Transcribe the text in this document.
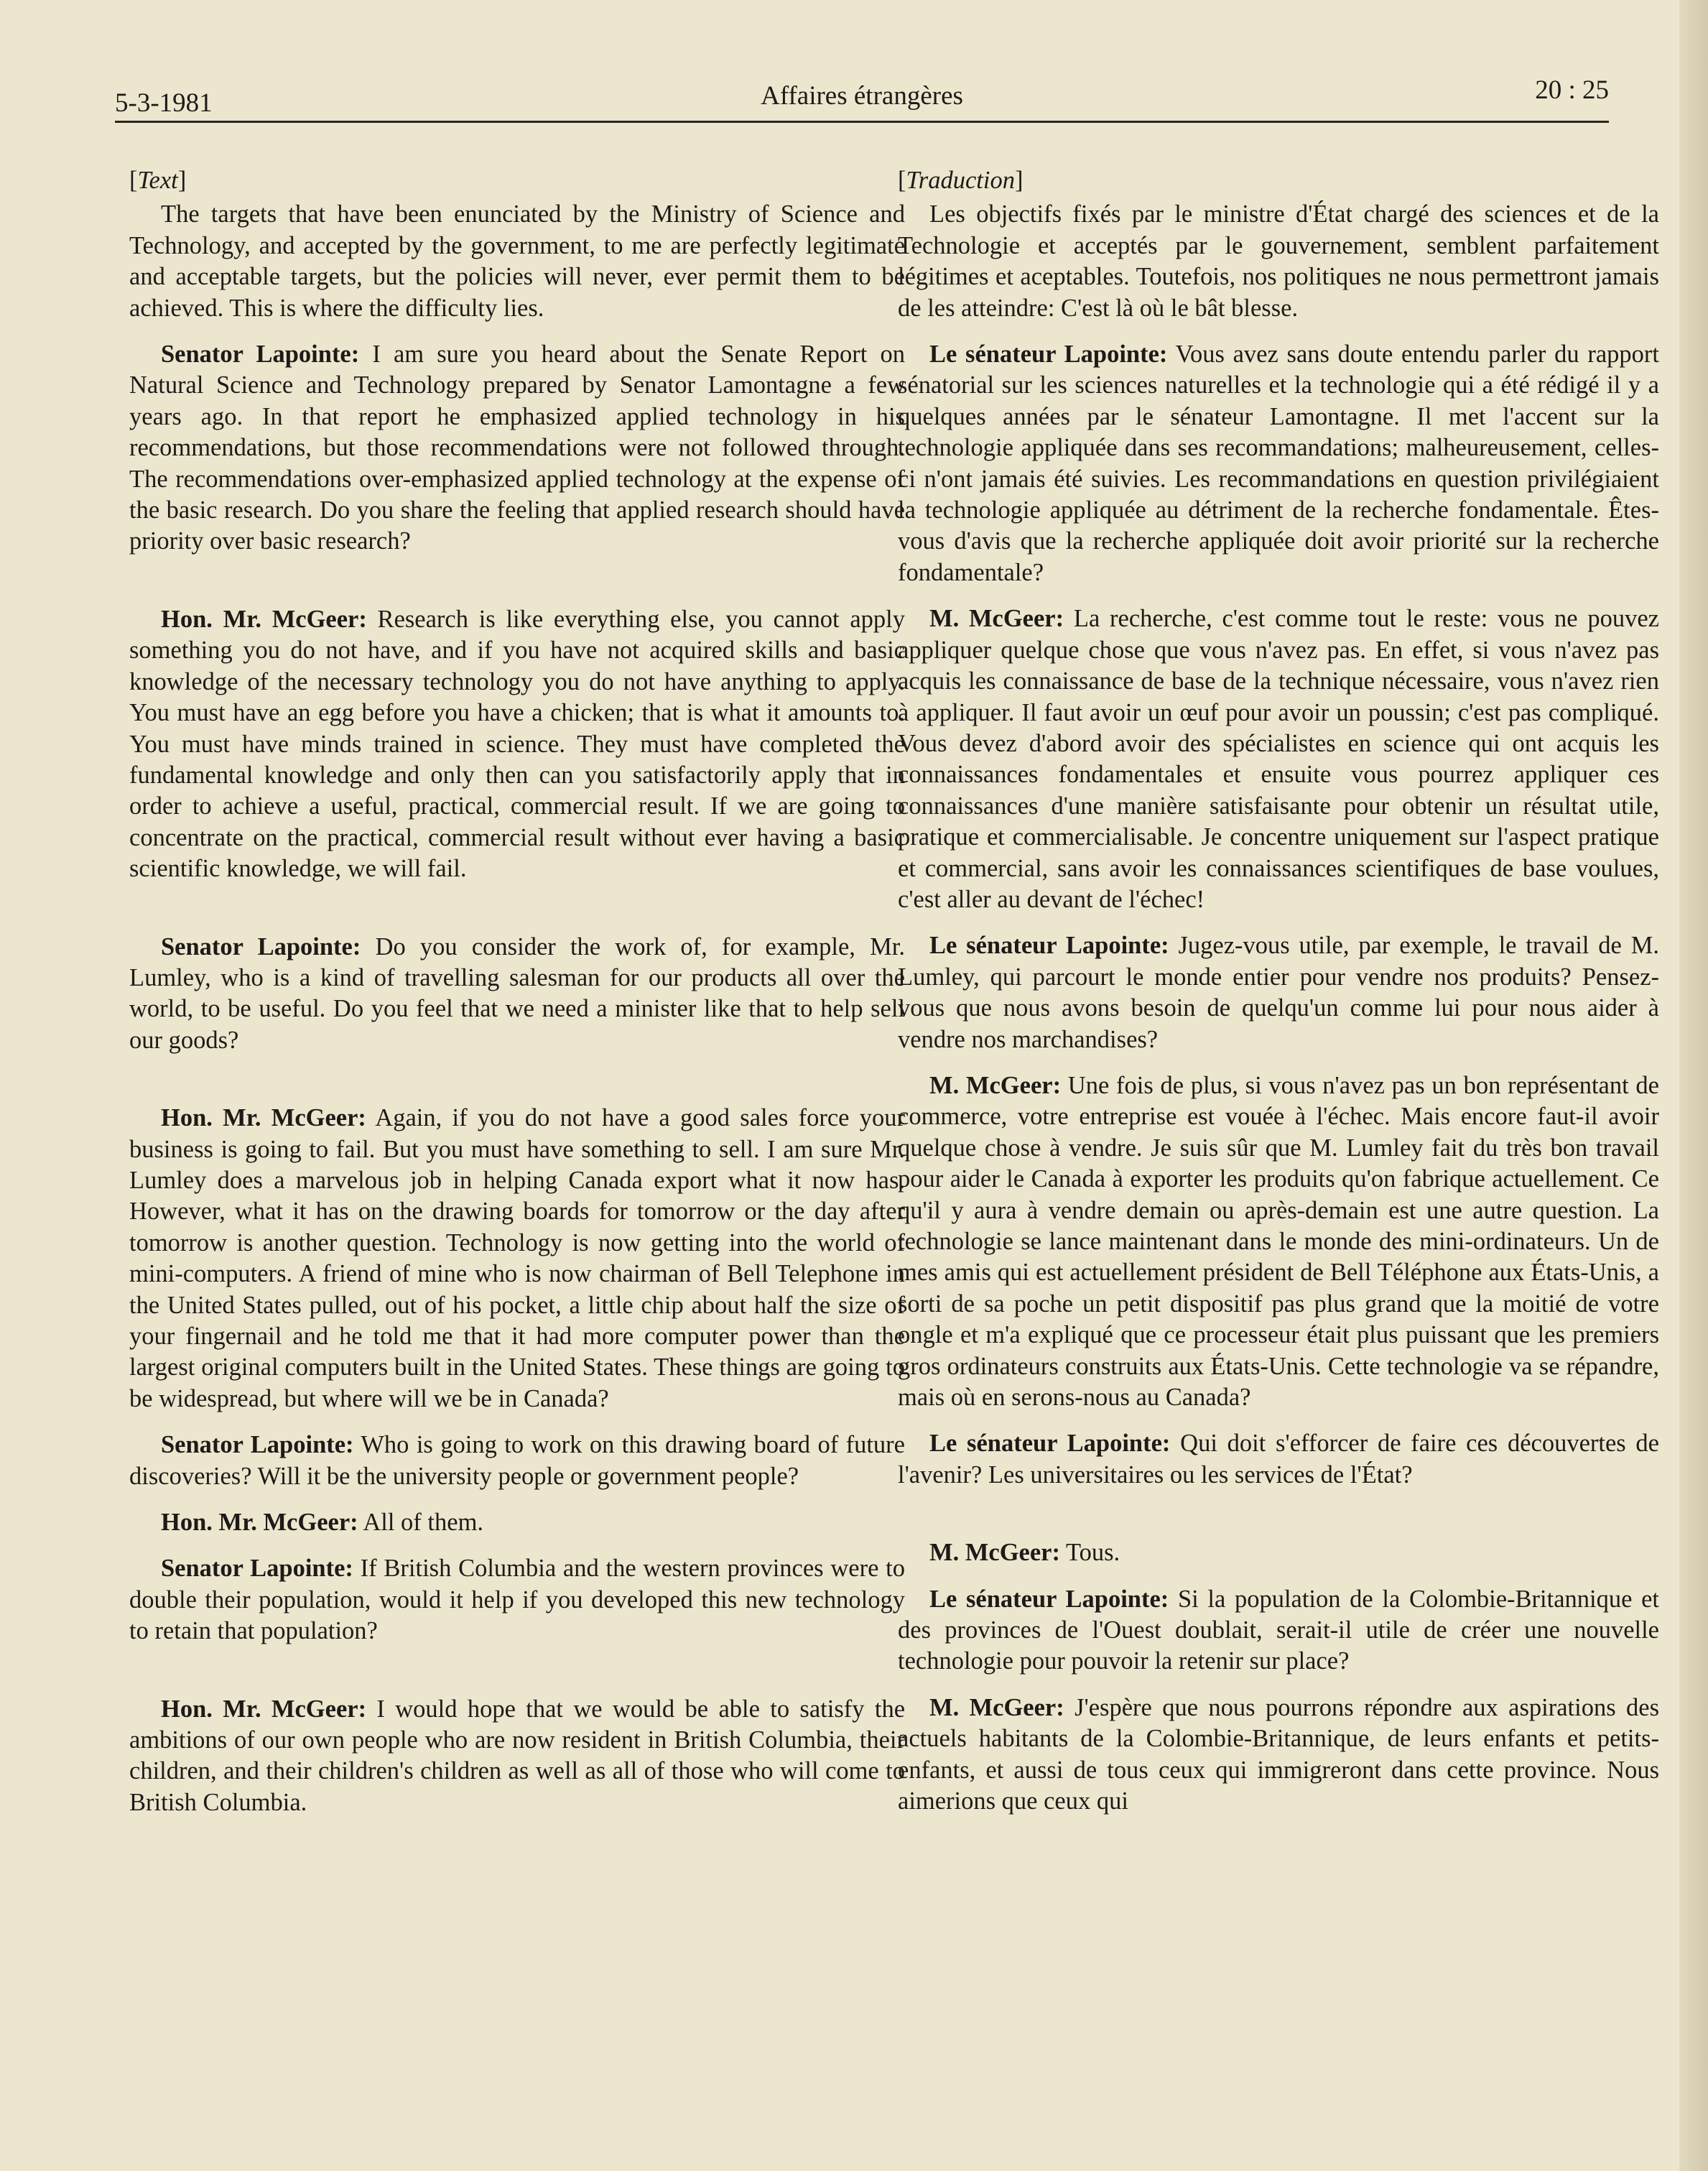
5-3-1981	Affaires étrangères	20 : 25

[Text]

The targets that have been enunciated by the Ministry of Science and Technology, and accepted by the government, to me are perfectly legitimate and acceptable targets, but the policies will never, ever permit them to be achieved. This is where the difficulty lies.

Senator Lapointe: I am sure you heard about the Senate Report on Natural Science and Technology prepared by Senator Lamontagne a few years ago. In that report he emphasized applied technology in his recommendations, but those recommendations were not followed through. The recommendations over-emphasized applied technology at the expense of the basic research. Do you share the feeling that applied research should have priority over basic research?

Hon. Mr. McGeer: Research is like everything else, you cannot apply something you do not have, and if you have not acquired skills and basic knowledge of the necessary technology you do not have anything to apply. You must have an egg before you have a chicken; that is what it amounts to. You must have minds trained in science. They must have completed the fundamental knowledge and only then can you satisfactorily apply that in order to achieve a useful, practical, commercial result. If we are going to concentrate on the practical, commercial result without ever having a basic scientific knowledge, we will fail.

Senator Lapointe: Do you consider the work of, for example, Mr. Lumley, who is a kind of travelling salesman for our products all over the world, to be useful. Do you feel that we need a minister like that to help sell our goods?

Hon. Mr. McGeer: Again, if you do not have a good sales force your business is going to fail. But you must have something to sell. I am sure Mr. Lumley does a marvelous job in helping Canada export what it now has. However, what it has on the drawing boards for tomorrow or the day after tomorrow is another question. Technology is now getting into the world of mini-computers. A friend of mine who is now chairman of Bell Telephone in the United States pulled, out of his pocket, a little chip about half the size of your fingernail and he told me that it had more computer power than the largest original computers built in the United States. These things are going to be widespread, but where will we be in Canada?

Senator Lapointe: Who is going to work on this drawing board of future discoveries? Will it be the university people or government people?

Hon. Mr. McGeer: All of them.

Senator Lapointe: If British Columbia and the western provinces were to double their population, would it help if you developed this new technology to retain that population?

Hon. Mr. McGeer: I would hope that we would be able to satisfy the ambitions of our own people who are now resident in British Columbia, their children, and their children's children as well as all of those who will come to British Columbia.

[Traduction]

Les objectifs fixés par le ministre d'État chargé des sciences et de la Technologie et acceptés par le gouvernement, semblent parfaitement légitimes et aceptables. Toutefois, nos politiques ne nous permettront jamais de les atteindre: C'est là où le bât blesse.

Le sénateur Lapointe: Vous avez sans doute entendu parler du rapport sénatorial sur les sciences naturelles et la technologie qui a été rédigé il y a quelques années par le sénateur Lamontagne. Il met l'accent sur la technologie appliquée dans ses recommandations; malheureusement, celles-ci n'ont jamais été suivies. Les recommandations en question privilégiaient la technologie appliquée au détriment de la recherche fondamentale. Êtes-vous d'avis que la recherche appliquée doit avoir priorité sur la recherche fondamentale?

M. McGeer: La recherche, c'est comme tout le reste: vous ne pouvez appliquer quelque chose que vous n'avez pas. En effet, si vous n'avez pas acquis les connaissance de base de la technique nécessaire, vous n'avez rien à appliquer. Il faut avoir un œuf pour avoir un poussin; c'est pas compliqué. Vous devez d'abord avoir des spécialistes en science qui ont acquis les connaissances fondamentales et ensuite vous pourrez appliquer ces connaissances d'une manière satisfaisante pour obtenir un résultat utile, pratique et commercialisable. Je concentre uniquement sur l'aspect pratique et commercial, sans avoir les connaissances scientifiques de base voulues, c'est aller au devant de l'échec!

Le sénateur Lapointe: Jugez-vous utile, par exemple, le travail de M. Lumley, qui parcourt le monde entier pour vendre nos produits? Pensez-vous que nous avons besoin de quelqu'un comme lui pour nous aider à vendre nos marchandises?

M. McGeer: Une fois de plus, si vous n'avez pas un bon représentant de commerce, votre entreprise est vouée à l'échec. Mais encore faut-il avoir quelque chose à vendre. Je suis sûr que M. Lumley fait du très bon travail pour aider le Canada à exporter les produits qu'on fabrique actuellement. Ce qu'il y aura à vendre demain ou après-demain est une autre question. La technologie se lance maintenant dans le monde des mini-ordinateurs. Un de mes amis qui est actuellement président de Bell Téléphone aux États-Unis, a sorti de sa poche un petit dispositif pas plus grand que la moitié de votre ongle et m'a expliqué que ce processeur était plus puissant que les premiers gros ordinateurs construits aux États-Unis. Cette technologie va se répandre, mais où en serons-nous au Canada?

Le sénateur Lapointe: Qui doit s'efforcer de faire ces découvertes de l'avenir? Les universitaires ou les services de l'État?

M. McGeer: Tous.

Le sénateur Lapointe: Si la population de la Colombie-Britannique et des provinces de l'Ouest doublait, serait-il utile de créer une nouvelle technologie pour pouvoir la retenir sur place?

M. McGeer: J'espère que nous pourrons répondre aux aspirations des actuels habitants de la Colombie-Britannique, de leurs enfants et petits-enfants, et aussi de tous ceux qui immigreront dans cette province. Nous aimerions que ceux qui
